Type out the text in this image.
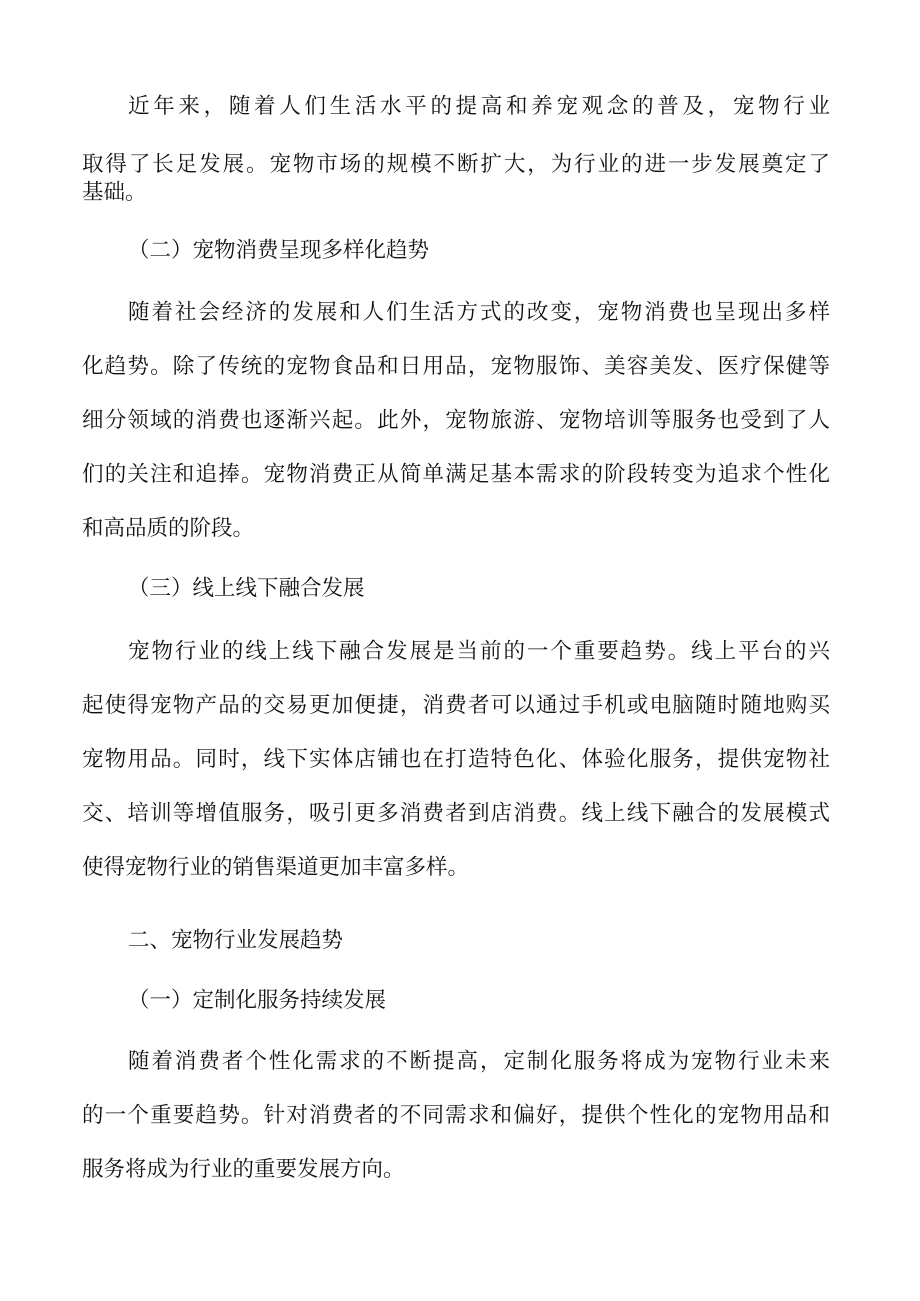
近年来，随着人们生活水平的提高和养宠观念的普及，宠物行业
取得了长足发展。宠物市场的规模不断扩大，为行业的进一步发展奠定了
基础。
（二）宠物消费呈现多样化趋势
随着社会经济的发展和人们生活方式的改变，宠物消费也呈现出多样
化趋势。除了传统的宠物食品和日用品，宠物服饰、美容美发、医疗保健等
细分领域的消费也逐渐兴起。此外，宠物旅游、宠物培训等服务也受到了人
们的关注和追捧。宠物消费正从简单满足基本需求的阶段转变为追求个性化
和高品质的阶段。
（三）线上线下融合发展
宠物行业的线上线下融合发展是当前的一个重要趋势。线上平台的兴
起使得宠物产品的交易更加便捷，消费者可以通过手机或电脑随时随地购买
宠物用品。同时，线下实体店铺也在打造特色化、体验化服务，提供宠物社
交、培训等增值服务，吸引更多消费者到店消费。线上线下融合的发展模式
使得宠物行业的销售渠道更加丰富多样。
二、宠物行业发展趋势
（一）定制化服务持续发展
随着消费者个性化需求的不断提高，定制化服务将成为宠物行业未来
的一个重要趋势。针对消费者的不同需求和偏好，提供个性化的宠物用品和
服务将成为行业的重要发展方向。
